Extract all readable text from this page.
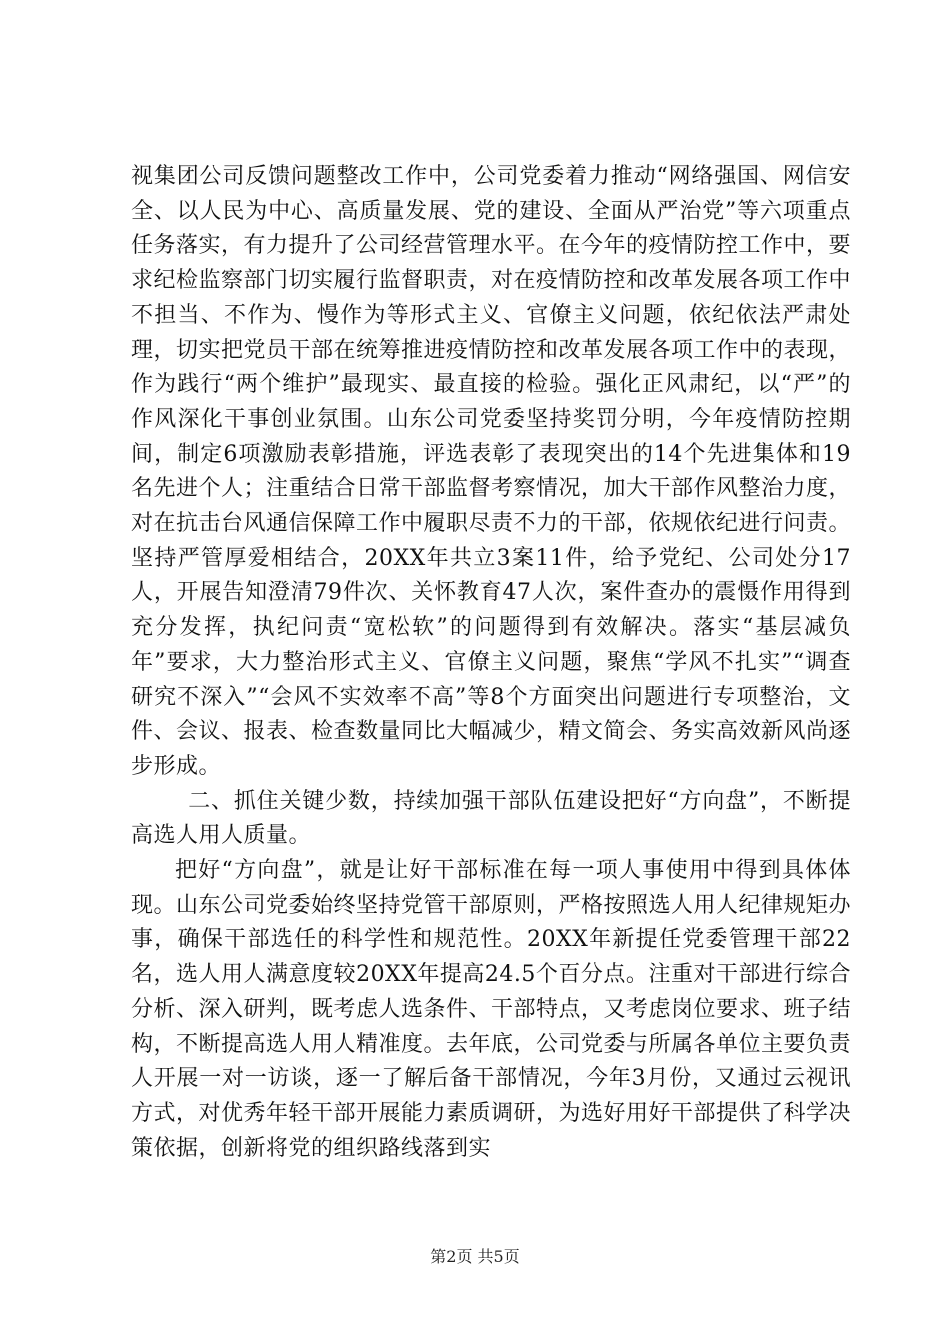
视集团公司反馈问题整改工作中，公司党委着力推动“网络强国、网信安全、以人民为中心、高质量发展、党的建设、全面从严治党”等六项重点任务落实，有力提升了公司经营管理水平。在今年的疫情防控工作中，要求纪检监察部门切实履行监督职责，对在疫情防控和改革发展各项工作中不担当、不作为、慢作为等形式主义、官僚主义问题，依纪依法严肃处理，切实把党员干部在统筹推进疫情防控和改革发展各项工作中的表现，作为践行“两个维护”最现实、最直接的检验。强化正风肃纪，以“严”的作风深化干事创业氛围。山东公司党委坚持奖罚分明，今年疫情防控期间，制定6项激励表彰措施，评选表彰了表现突出的14个先进集体和19名先进个人；注重结合日常干部监督考察情况，加大干部作风整治力度，对在抗击台风通信保障工作中履职尽责不力的干部，依规依纪进行问责。坚持严管厚爱相结合，20XX年共立3案11件，给予党纪、公司处分17人，开展告知澄清79件次、关怀教育47人次，案件查办的震慑作用得到充分发挥，执纪问责“宽松软”的问题得到有效解决。落实“基层减负年”要求，大力整治形式主义、官僚主义问题，聚焦“学风不扎实”“调查研究不深入”“会风不实效率不高”等8个方面突出问题进行专项整治，文件、会议、报表、检查数量同比大幅减少，精文简会、务实高效新风尚逐步形成。

二、抓住关键少数，持续加强干部队伍建设把好“方向盘”，不断提高选人用人质量。

把好“方向盘”，就是让好干部标准在每一项人事使用中得到具体体现。山东公司党委始终坚持党管干部原则，严格按照选人用人纪律规矩办事，确保干部选任的科学性和规范性。20XX年新提任党委管理干部22名，选人用人满意度较20XX年提高24.5个百分点。注重对干部进行综合分析、深入研判，既考虑人选条件、干部特点，又考虑岗位要求、班子结构，不断提高选人用人精准度。去年底，公司党委与所属各单位主要负责人开展一对一访谈，逐一了解后备干部情况，今年3月份，又通过云视讯方式，对优秀年轻干部开展能力素质调研，为选好用好干部提供了科学决策依据，创新将党的组织路线落到实

第2页 共5页
